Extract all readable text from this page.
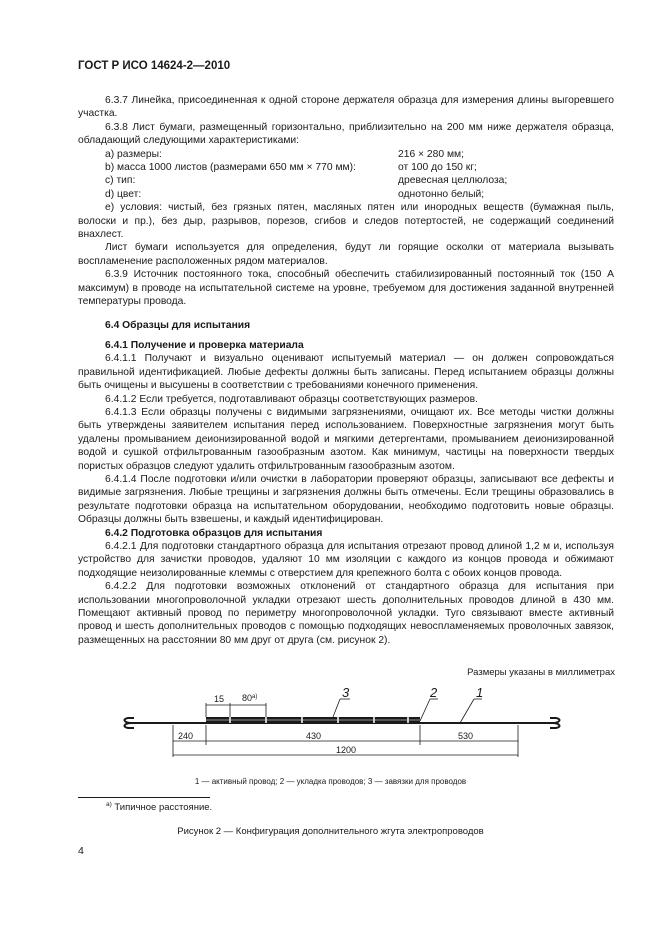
ГОСТ Р ИСО 14624-2—2010

6.3.7 Линейка, присоединенная к одной стороне держателя образца для измерения длины выгоревшего участка.

6.3.8 Лист бумаги, размещенный горизонтально, приблизительно на 200 мм ниже держателя образца, обладающий следующими характеристиками:

a) размеры:	216 × 280 мм;
b) масса 1000 листов (размерами 650 мм × 770 мм):	от 100 до 150 кг;
c) тип:	древесная целлюлоза;
d) цвет:	однотонно белый;

e) условия: чистый, без грязных пятен, масляных пятен или инородных веществ (бумажная пыль, волоски и пр.), без дыр, разрывов, порезов, сгибов и следов потертостей, не содержащий соединений внахлест.

Лист бумаги используется для определения, будут ли горящие осколки от материала вызывать воспламенение расположенных рядом материалов.

6.3.9 Источник постоянного тока, способный обеспечить стабилизированный постоянный ток (150 А максимум) в проводе на испытательной системе на уровне, требуемом для достижения заданной внутренней температуры провода.

6.4 Образцы для испытания

6.4.1 Получение и проверка материала

6.4.1.1 Получают и визуально оценивают испытуемый материал — он должен сопровождаться правильной идентификацией. Любые дефекты должны быть записаны. Перед испытанием образцы должны быть очищены и высушены в соответствии с требованиями конечного применения.

6.4.1.2 Если требуется, подготавливают образцы соответствующих размеров.

6.4.1.3 Если образцы получены с видимыми загрязнениями, очищают их. Все методы чистки должны быть утверждены заявителем испытания перед использованием. Поверхностные загрязнения могут быть удалены промыванием деионизированной водой и мягкими детергентами, промыванием деионизированной водой и сушкой отфильтрованным газообразным азотом. Как минимум, частицы на поверхности твердых пористых образцов следуют удалить отфильтрованным газообразным азотом.

6.4.1.4 После подготовки и/или очистки в лаборатории проверяют образцы, записывают все дефекты и видимые загрязнения. Любые трещины и загрязнения должны быть отмечены. Если трещины образовались в результате подготовки образца на испытательном оборудовании, необходимо подготовить новые образцы. Образцы должны быть взвешены, и каждый идентифицирован.

6.4.2 Подготовка образцов для испытания

6.4.2.1 Для подготовки стандартного образца для испытания отрезают провод длиной 1,2 м и, используя устройство для зачистки проводов, удаляют 10 мм изоляции с каждого из концов провода и обжимают подходящие неизолированные клеммы с отверстием для крепежного болта с обоих концов провода.

6.4.2.2 Для подготовки возможных отклонений от стандартного образца для испытания при использовании многопроволочной укладки отрезают шесть дополнительных проводов длиной в 430 мм. Помещают активный провод по периметру многопроволочной укладки. Туго связывают вместе активный провод и шесть дополнительных проводов с помощью подходящих невоспламеняемых проволочных завязок, размещенных на расстоянии 80 мм друг от друга (см. рисунок 2).

Размеры указаны в миллиметрах
15 80$^{a)}$	3	2	1
240	430	530
1200
1 — активный провод; 2 — укладка проводов; 3 — завязки для проводов
$^{a)}$ Типичное расстояние.
Рисунок 2 — Конфигурация дополнительного жгута электропроводов
4
